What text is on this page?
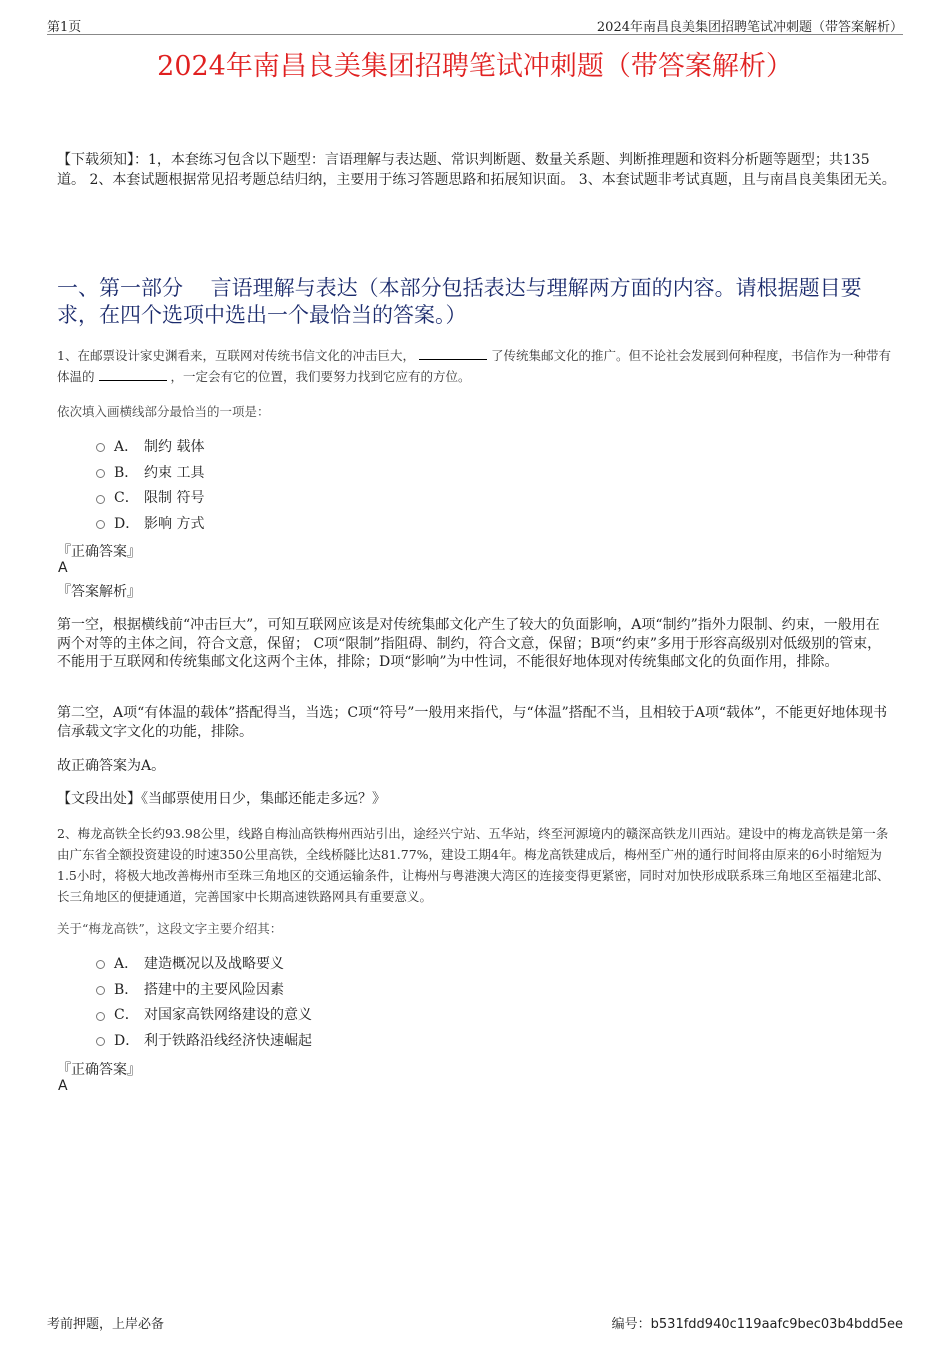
第1页	2024年南昌良美集团招聘笔试冲刺题（带答案解析）
2024年南昌良美集团招聘笔试冲刺题（带答案解析）
【下载须知】：1，本套练习包含以下题型：言语理解与表达题、常识判断题、数量关系题、判断推理题和资料分析题等题型；共135道。 2、本套试题根据常见招考题总结归纳，主要用于练习答题思路和拓展知识面。 3、本套试题非考试真题，且与南昌良美集团无关。
一、第一部分　 言语理解与表达（本部分包括表达与理解两方面的内容。请根据题目要求，在四个选项中选出一个最恰当的答案。）
1、在邮票设计家史渊看来，互联网对传统书信文化的冲击巨大，	了传统集邮文化的推广。但不论社会发展到何种程度，书信作为一种带有体温的	，一定会有它的位置，我们要努力找到它应有的方位。
依次填入画横线部分最恰当的一项是：
A． 制约 载体
B． 约束 工具
C． 限制 符号
D． 影响 方式
『正确答案』
A
『答案解析』
第一空，根据横线前“冲击巨大”，可知互联网应该是对传统集邮文化产生了较大的负面影响，A项“制约”指外力限制、约束，一般用在两个对等的主体之间，符合文意，保留； C项“限制”指阻碍、制约，符合文意，保留；B项“约束”多用于形容高级别对低级别的管束，不能用于互联网和传统集邮文化这两个主体，排除；D项“影响”为中性词，不能很好地体现对传统集邮文化的负面作用，排除。
第二空，A项“有体温的载体”搭配得当，当选；C项“符号”一般用来指代，与“体温”搭配不当，且相较于A项“载体”，不能更好地体现书信承载文字文化的功能，排除。
故正确答案为A。
【文段出处】《当邮票使用日少，集邮还能走多远？》
2、梅龙高铁全长约93.98公里，线路自梅汕高铁梅州西站引出，途经兴宁站、五华站，终至河源境内的赣深高铁龙川西站。建设中的梅龙高铁是第一条由广东省全额投资建设的时速350公里高铁，全线桥隧比达81.77%，建设工期4年。梅龙高铁建成后，梅州至广州的通行时间将由原来的6小时缩短为1.5小时，将极大地改善梅州市至珠三角地区的交通运输条件，让梅州与粤港澳大湾区的连接变得更紧密，同时对加快形成联系珠三角地区至福建北部、长三角地区的便捷通道，完善国家中长期高速铁路网具有重要意义。
关于“梅龙高铁”，这段文字主要介绍其：
A． 建造概况以及战略要义
B． 搭建中的主要风险因素
C． 对国家高铁网络建设的意义
D． 利于铁路沿线经济快速崛起
『正确答案』
A
考前押题，上岸必备	编号：b531fdd940c119aafc9bec03b4bdd5ee
